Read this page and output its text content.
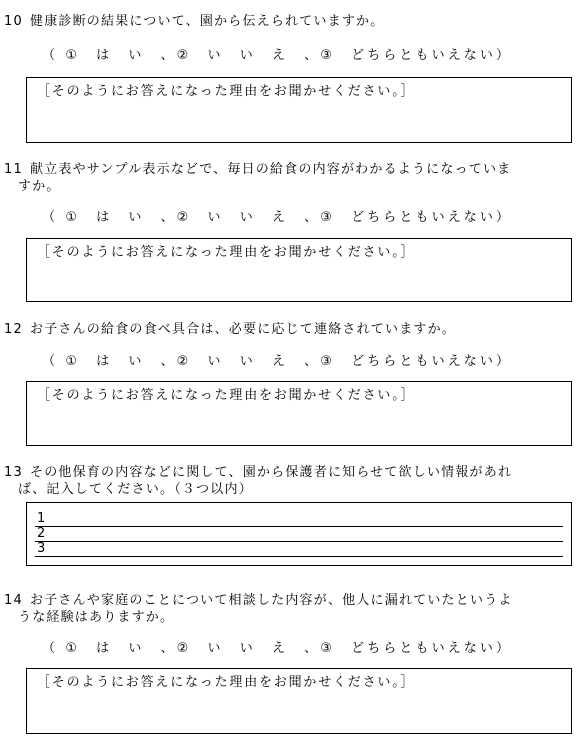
10 健康診断の結果について、園から伝えられていますか。
（ ①　は　い　、②　い　い　え　、③　どちらともいえない）
［そのようにお答えになった理由をお聞かせください。］
11 献立表やサンプル表示などで、毎日の給食の内容がわかるようになっていま
すか。
（ ①　は　い　、②　い　い　え　、③　どちらともいえない）
［そのようにお答えになった理由をお聞かせください。］
12 お子さんの給食の食べ具合は、必要に応じて連絡されていますか。
（ ①　は　い　、②　い　い　え　、③　どちらともいえない）
［そのようにお答えになった理由をお聞かせください。］
13 その他保育の内容などに関して、園から保護者に知らせて欲しい情報があれ
ば、記入してください。（３つ以内）
1
2
3
14 お子さんや家庭のことについて相談した内容が、他人に漏れていたというよ
うな経験はありますか。
（ ①　は　い　、②　い　い　え　、③　どちらともいえない）
［そのようにお答えになった理由をお聞かせください。］
